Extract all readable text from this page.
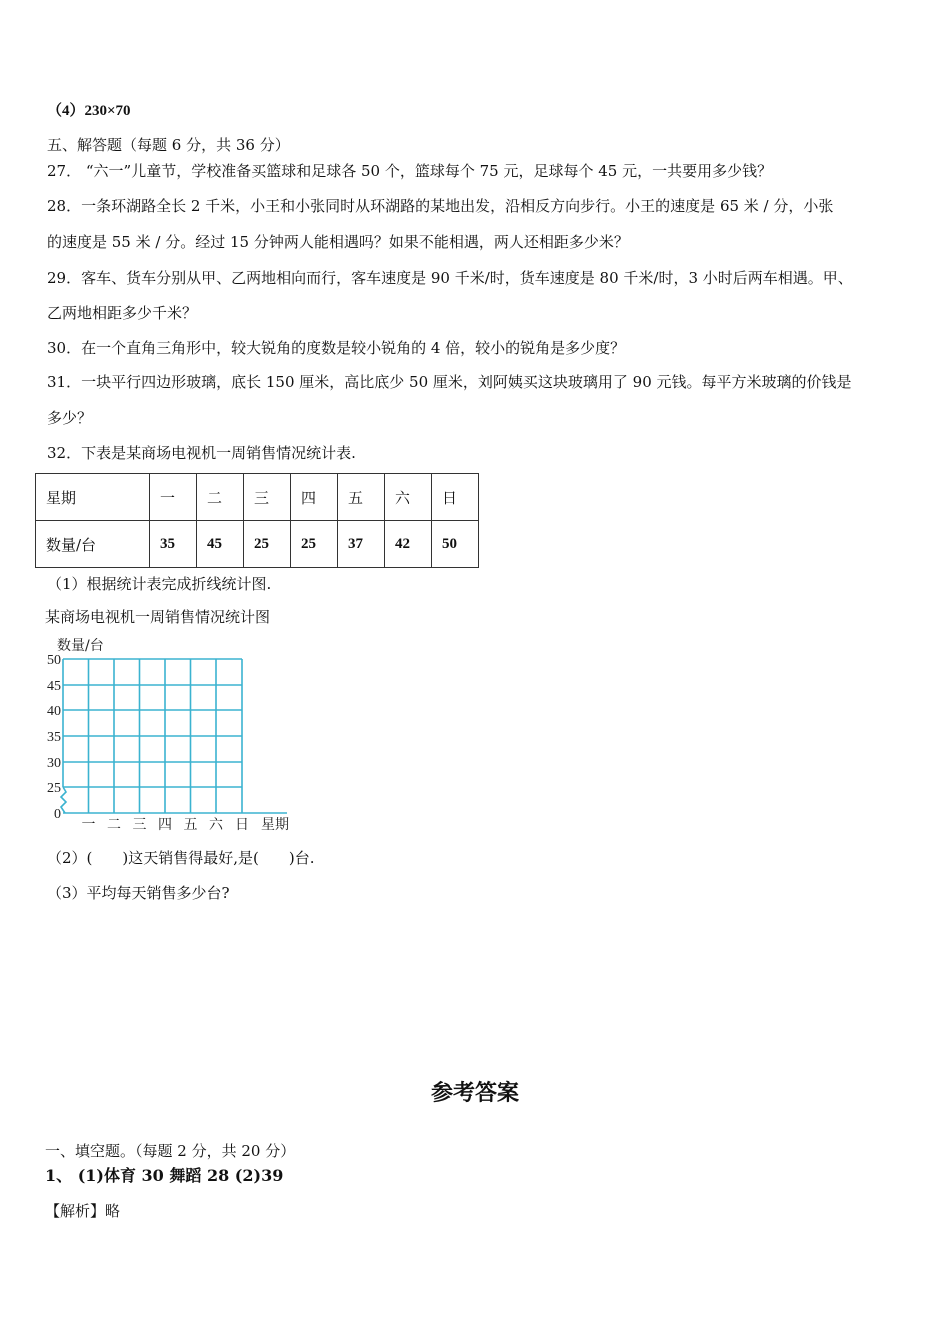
（4）230×70
五、解答题（每题 6 分，共 36 分）
27． “六一”儿童节，学校准备买篮球和足球各 50 个，篮球每个 75 元，足球每个 45 元，一共要用多少钱？
28．一条环湖路全长 2 千米，小王和小张同时从环湖路的某地出发，沿相反方向步行。小王的速度是 65 米 / 分，小张
的速度是 55 米 / 分。经过 15 分钟两人能相遇吗？如果不能相遇，两人还相距多少米？
29．客车、货车分别从甲、乙两地相向而行，客车速度是 90 千米/时，货车速度是 80 千米/时，3 小时后两车相遇。甲、
乙两地相距多少千米？
30．在一个直角三角形中，较大锐角的度数是较小锐角的 4 倍，较小的锐角是多少度？
31．一块平行四边形玻璃，底长 150 厘米，高比底少 50 厘米，刘阿姨买这块玻璃用了 90 元钱。每平方米玻璃的价钱是
多少？
32．下表是某商场电视机一周销售情况统计表.
星期	一	二	三	四	五	六	日
数量/台	35	45	25	25	37	42	50
（1）根据统计表完成折线统计图.
某商场电视机一周销售情况统计图
数量/台
50
45
40
35
30
25
0
一 二 三 四 五 六 日 星期
（2）(　　)这天销售得最好,是(　　)台.
（3）平均每天销售多少台?
参考答案
一、填空题。（每题 2 分，共 20 分）
1、 (1)体育 30 舞蹈 28 (2)39
【解析】略
